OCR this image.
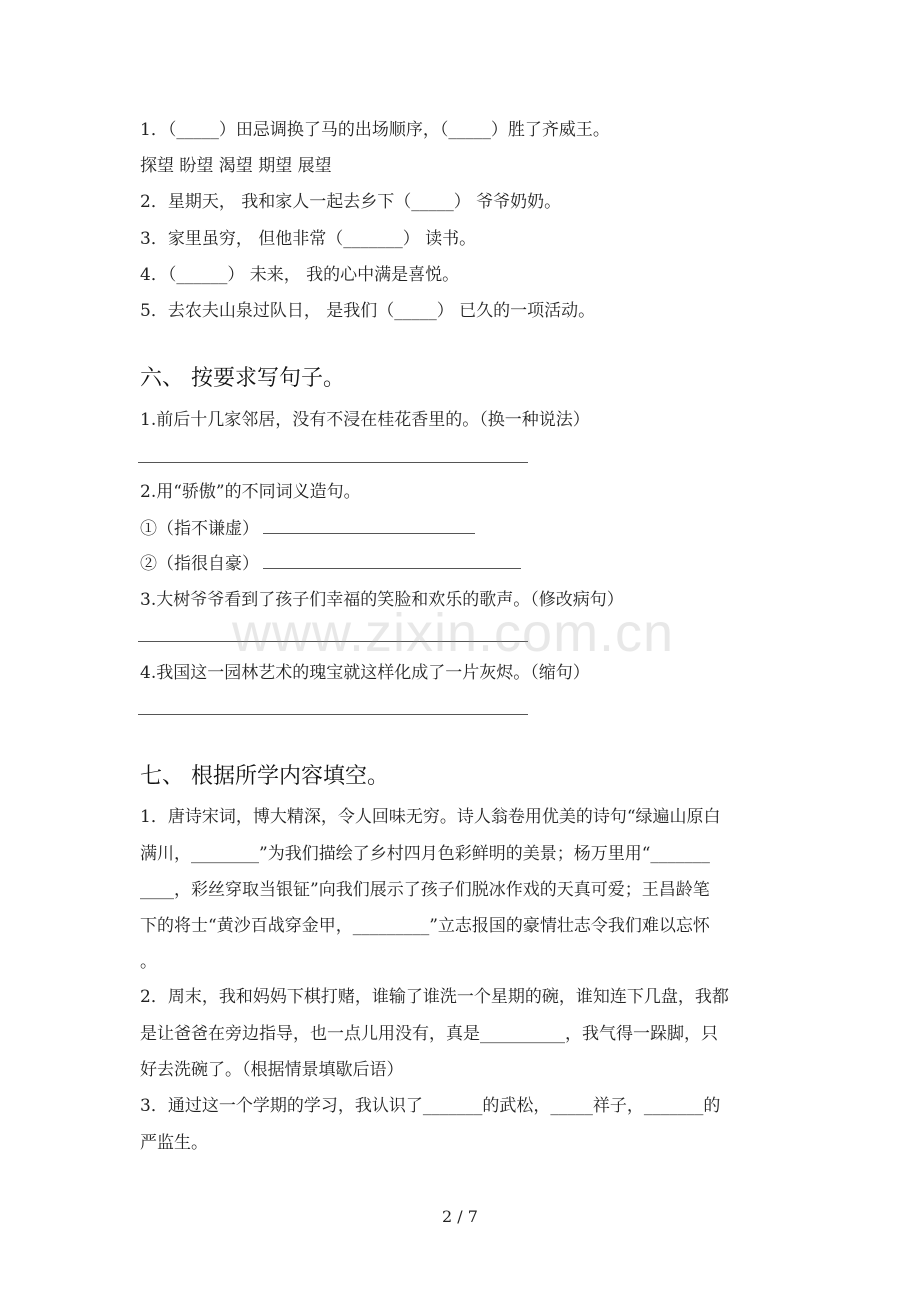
1．（_____）田忌调换了马的出场顺序，（_____）胜了齐威王。
探望 盼望 渴望 期望 展望
2．星期天， 我和家人一起去乡下（_____） 爷爷奶奶。
3．家里虽穷， 但他非常（_______） 读书。
4．（______） 未来， 我的心中满是喜悦。
5．去农夫山泉过队日， 是我们（_____） 已久的一项活动。
六、 按要求写句子。
1.前后十几家邻居，没有不浸在桂花香里的。（换一种说法）
2.用“骄傲”的不同词义造句。
①（指不谦虚）
②（指很自豪）
3.大树爷爷看到了孩子们幸福的笑脸和欢乐的歌声。（修改病句）
4.我国这一园林艺术的瑰宝就这样化成了一片灰烬。（缩句）
七、 根据所学内容填空。
1．唐诗宋词，博大精深，令人回味无穷。诗人翁卷用优美的诗句“绿遍山原白
满川，________”为我们描绘了乡村四月色彩鲜明的美景；杨万里用“_______
____，彩丝穿取当银钲”向我们展示了孩子们脱冰作戏的天真可爱；王昌龄笔
下的将士“黄沙百战穿金甲，_________”立志报国的豪情壮志令我们难以忘怀
。
2．周末，我和妈妈下棋打赌，谁输了谁洗一个星期的碗，谁知连下几盘，我都
是让爸爸在旁边指导，也一点儿用没有，真是__________，我气得一跺脚，只
好去洗碗了。（根据情景填歇后语）
3．通过这一个学期的学习，我认识了_______的武松，_____祥子，_______的
严监生。
www.zixin.com.cn
2 / 7
